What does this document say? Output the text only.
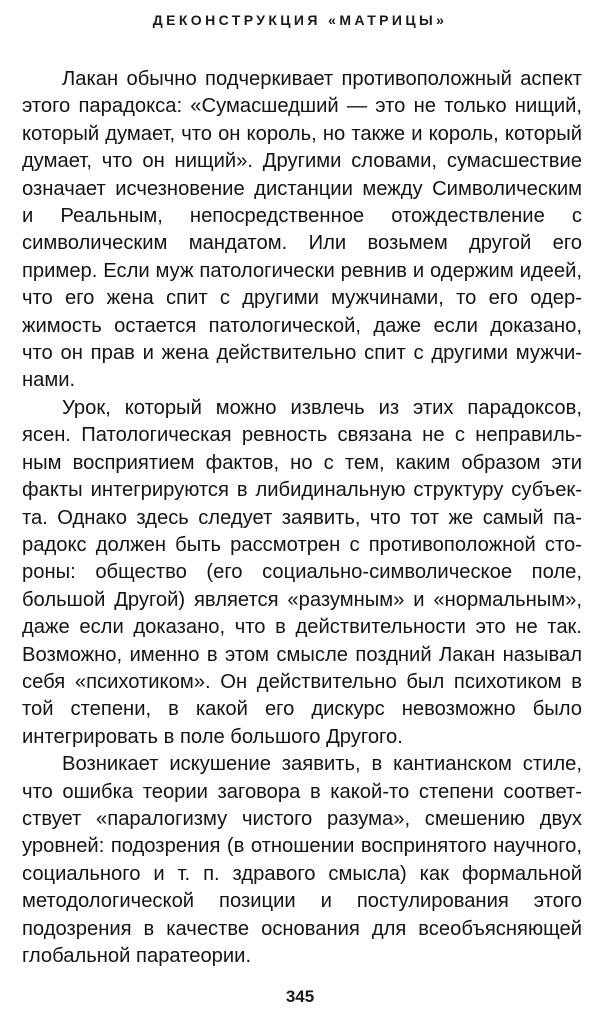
ДЕКОНСТРУКЦИЯ «МАТРИЦЫ»

Лакан обычно подчеркивает противоположный аспект этого парадокса: «Сумасшедший — это не только нищий, который думает, что он король, но также и король, который думает, что он нищий». Другими словами, сумасшествие означает исчезновение дистанции между Символическим и Реальным, непосредственное отождествление с символическим мандатом. Или возьмем другой его пример. Если муж патологически ревнив и одержим идеей, что его жена спит с другими мужчинами, то его одержимость остается патологической, даже если доказано, что он прав и жена действительно спит с другими мужчинами.

Урок, который можно извлечь из этих парадоксов, ясен. Патологическая ревность связана не с неправильным восприятием фактов, но с тем, каким образом эти факты интегрируются в либидинальную структуру субъекта. Однако здесь следует заявить, что тот же самый парадокс должен быть рассмотрен с противоположной стороны: общество (его социально-символическое поле, большой Другой) является «разумным» и «нормальным», даже если доказано, что в действительности это не так. Возможно, именно в этом смысле поздний Лакан называл себя «психотиком». Он действительно был психотиком в той степени, в какой его дискурс невозможно было интегрировать в поле большого Другого.

Возникает искушение заявить, в кантианском стиле, что ошибка теории заговора в какой-то степени соответствует «паралогизму чистого разума», смешению двух уровней: подозрения (в отношении воспринятого научного, социального и т. п. здравого смысла) как формальной методологической позиции и постулирования этого подозрения в качестве основания для всеобъясняющей глобальной паратеории.

345
